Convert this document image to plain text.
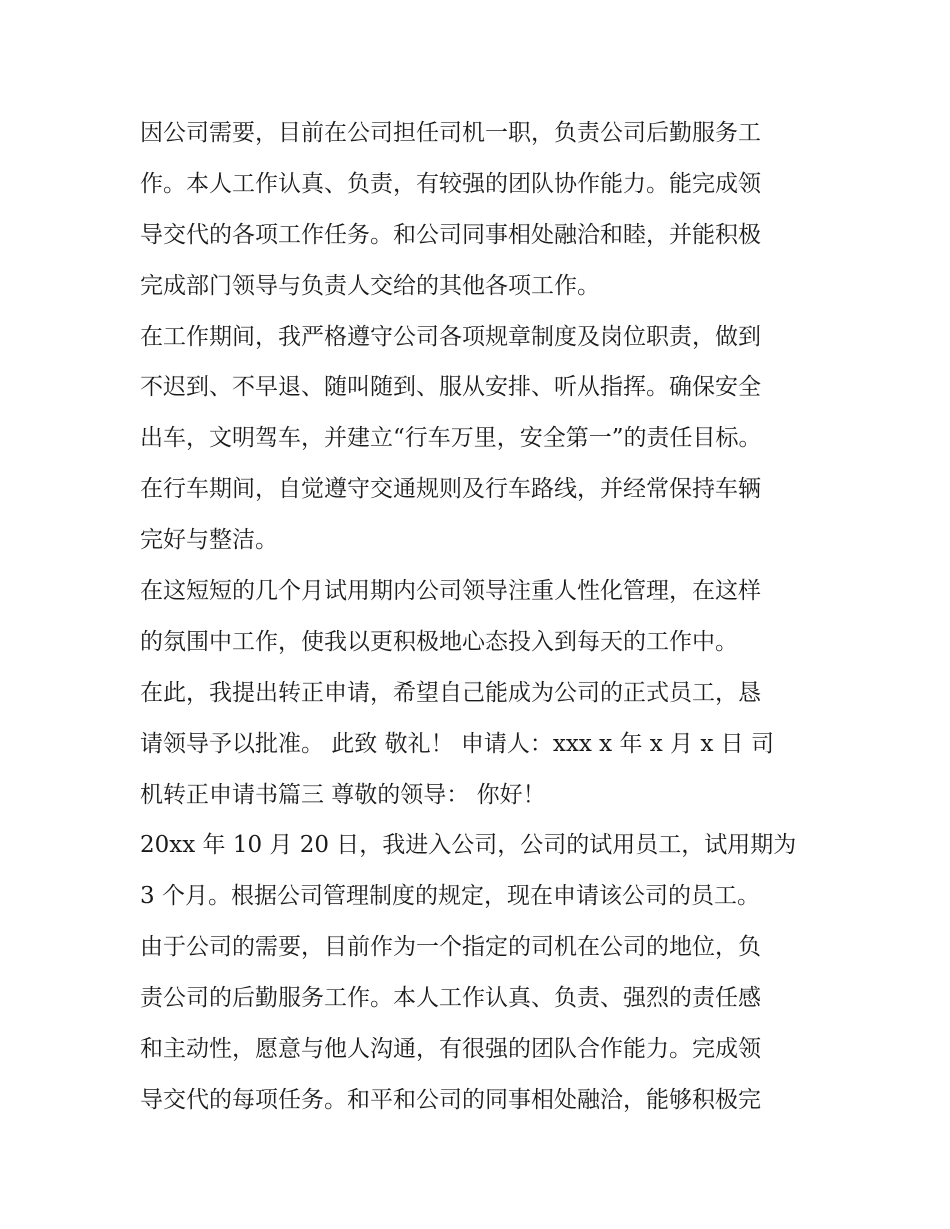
因公司需要，目前在公司担任司机一职，负责公司后勤服务工
作。本人工作认真、负责，有较强的团队协作能力。能完成领
导交代的各项工作任务。和公司同事相处融洽和睦，并能积极
完成部门领导与负责人交给的其他各项工作。
在工作期间，我严格遵守公司各项规章制度及岗位职责，做到
不迟到、不早退、随叫随到、服从安排、听从指挥。确保安全
出车，文明驾车，并建立“行车万里，安全第一”的责任目标。
在行车期间，自觉遵守交通规则及行车路线，并经常保持车辆
完好与整洁。
在这短短的几个月试用期内公司领导注重人性化管理，在这样
的氛围中工作，使我以更积极地心态投入到每天的工作中。
在此，我提出转正申请，希望自己能成为公司的正式员工，恳
请领导予以批准。 此致 敬礼！ 申请人：xxx x 年 x 月 x 日 司
机转正申请书篇三 尊敬的领导： 你好！
20xx 年 10 月 20 日，我进入公司，公司的试用员工，试用期为
3 个月。根据公司管理制度的规定，现在申请该公司的员工。
由于公司的需要，目前作为一个指定的司机在公司的地位，负
责公司的后勤服务工作。本人工作认真、负责、强烈的责任感
和主动性，愿意与他人沟通，有很强的团队合作能力。完成领
导交代的每项任务。和平和公司的同事相处融洽，能够积极完
